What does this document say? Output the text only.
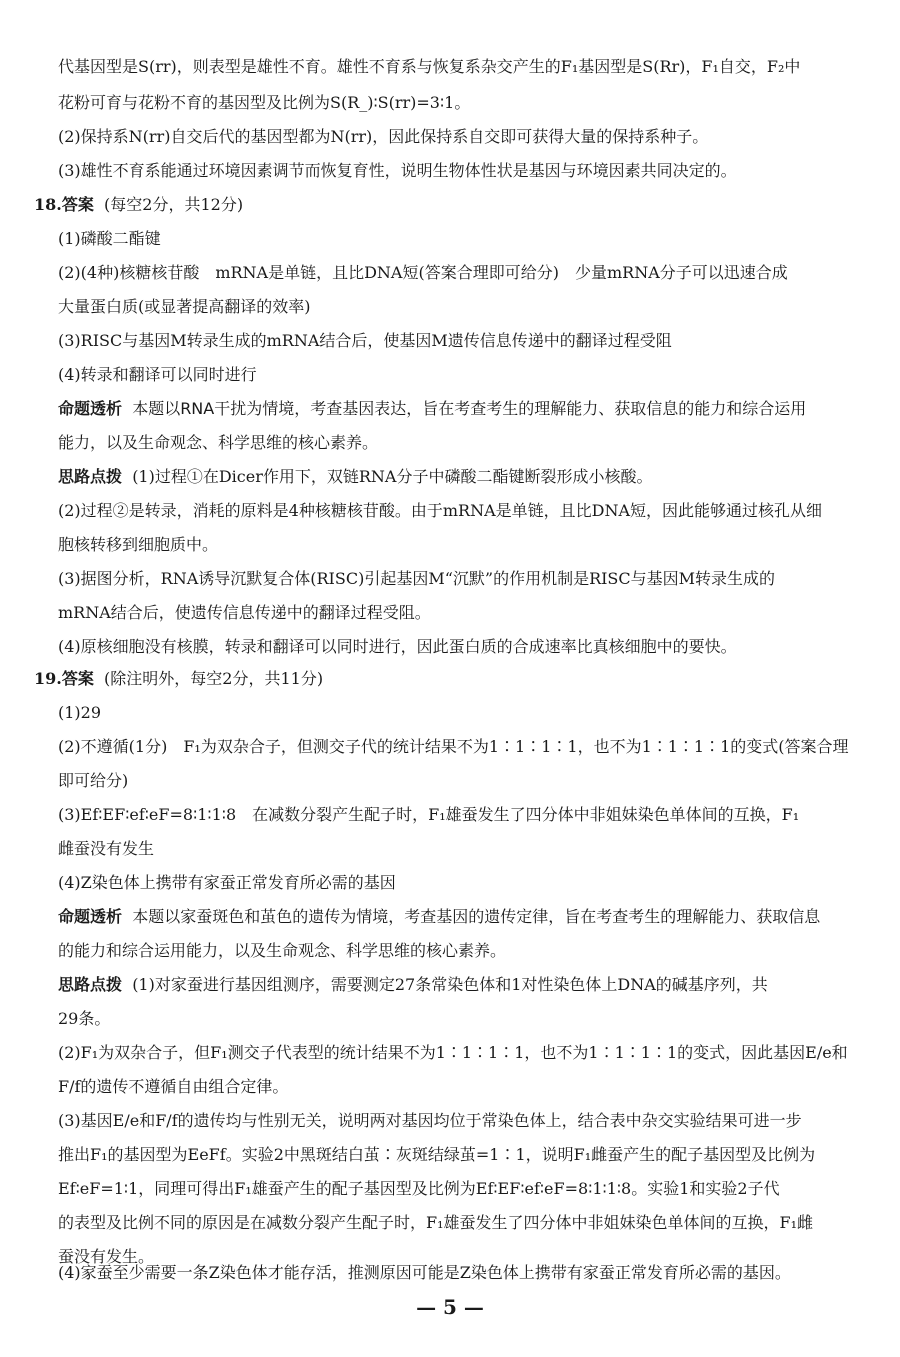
代基因型是S(rr)，则表型是雄性不育。雄性不育系与恢复系杂交产生的F₁基因型是S(Rr)，F₁自交，F₂中
花粉可育与花粉不育的基因型及比例为S(R_)∶S(rr)=3∶1。
(2)保持系N(rr)自交后代的基因型都为N(rr)，因此保持系自交即可获得大量的保持系种子。
(3)雄性不育系能通过环境因素调节而恢复育性，说明生物体性状是基因与环境因素共同决定的。
18.答案 (每空2分，共12分)
(1)磷酸二酯键
(2)(4种)核糖核苷酸　mRNA是单链，且比DNA短(答案合理即可给分)　少量mRNA分子可以迅速合成
大量蛋白质(或显著提高翻译的效率)
(3)RISC与基因M转录生成的mRNA结合后，使基因M遗传信息传递中的翻译过程受阻
(4)转录和翻译可以同时进行
命题透析 本题以RNA干扰为情境，考查基因表达，旨在考查考生的理解能力、获取信息的能力和综合运用
能力，以及生命观念、科学思维的核心素养。
思路点拨 (1)过程①在Dicer作用下，双链RNA分子中磷酸二酯键断裂形成小核酸。
(2)过程②是转录，消耗的原料是4种核糖核苷酸。由于mRNA是单链，且比DNA短，因此能够通过核孔从细
胞核转移到细胞质中。
(3)据图分析，RNA诱导沉默复合体(RISC)引起基因M“沉默”的作用机制是RISC与基因M转录生成的
mRNA结合后，使遗传信息传递中的翻译过程受阻。
(4)原核细胞没有核膜，转录和翻译可以同时进行，因此蛋白质的合成速率比真核细胞中的要快。
19.答案 (除注明外，每空2分，共11分)
(1)29
(2)不遵循(1分)　F₁为双杂合子，但测交子代的统计结果不为1∶1∶1∶1，也不为1∶1∶1∶1的变式(答案合理
即可给分)
(3)Ef∶EF∶ef∶eF=8∶1∶1∶8　在减数分裂产生配子时，F₁雄蚕发生了四分体中非姐妹染色单体间的互换，F₁
雌蚕没有发生
(4)Z染色体上携带有家蚕正常发育所必需的基因
命题透析 本题以家蚕斑色和茧色的遗传为情境，考查基因的遗传定律，旨在考查考生的理解能力、获取信息
的能力和综合运用能力，以及生命观念、科学思维的核心素养。
思路点拨 (1)对家蚕进行基因组测序，需要测定27条常染色体和1对性染色体上DNA的碱基序列，共
29条。
(2)F₁为双杂合子，但F₁测交子代表型的统计结果不为1∶1∶1∶1，也不为1∶1∶1∶1的变式，因此基因E/e和
F/f的遗传不遵循自由组合定律。
(3)基因E/e和F/f的遗传均与性别无关，说明两对基因均位于常染色体上，结合表中杂交实验结果可进一步
推出F₁的基因型为EeFf。实验2中黑斑结白茧∶灰斑结绿茧=1∶1，说明F₁雌蚕产生的配子基因型及比例为
Ef∶eF=1∶1，同理可得出F₁雄蚕产生的配子基因型及比例为Ef∶EF∶ef∶eF=8∶1∶1∶8。实验1和实验2子代
的表型及比例不同的原因是在减数分裂产生配子时，F₁雄蚕发生了四分体中非姐妹染色单体间的互换，F₁雌
蚕没有发生。
(4)家蚕至少需要一条Z染色体才能存活，推测原因可能是Z染色体上携带有家蚕正常发育所必需的基因。
— 5 —
